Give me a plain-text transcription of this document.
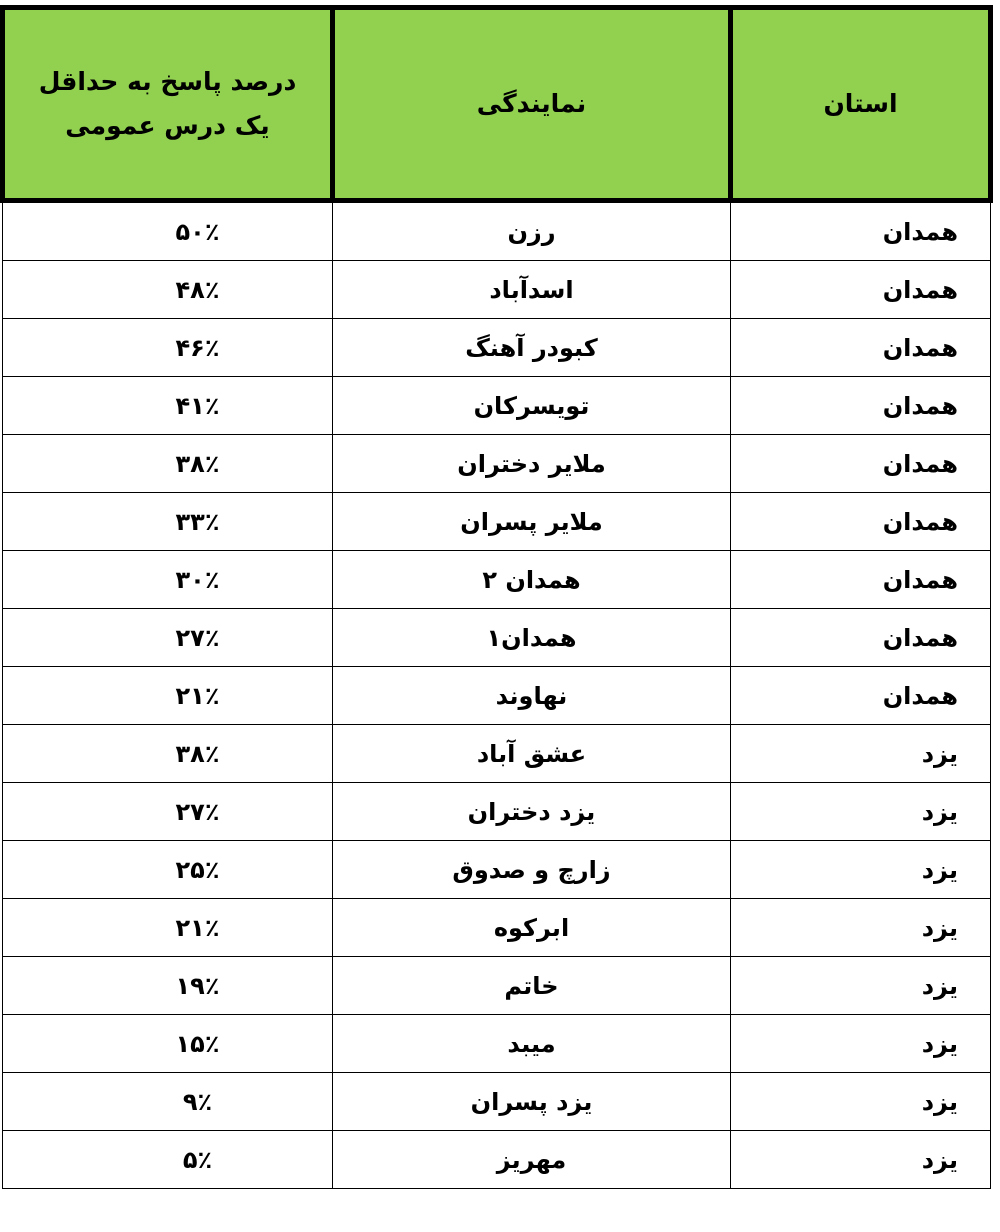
استان	نمایندگی	درصد پاسخ به حداقل یک درس عمومی
همدان	رزن	۵۰٪
همدان	اسدآباد	۴۸٪
همدان	کبودر آهنگ	۴۶٪
همدان	تویسرکان	۴۱٪
همدان	ملایر دختران	۳۸٪
همدان	ملایر پسران	۳۳٪
همدان	همدان ۲	۳۰٪
همدان	همدان۱	۲۷٪
همدان	نهاوند	۲۱٪
یزد	عشق آباد	۳۸٪
یزد	یزد دختران	۲۷٪
یزد	زارچ و صدوق	۲۵٪
یزد	ابرکوه	۲۱٪
یزد	خاتم	۱۹٪
یزد	میبد	۱۵٪
یزد	یزد پسران	۹٪
یزد	مهریز	۵٪
